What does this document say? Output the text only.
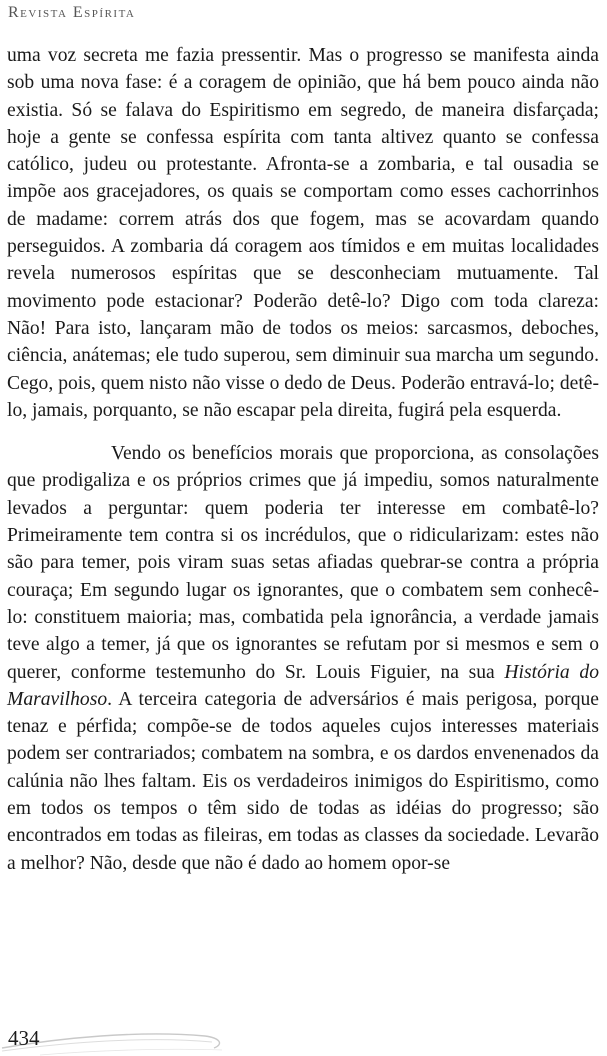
Revista Espírita

uma voz secreta me fazia pressentir. Mas o progresso se manifesta ainda sob uma nova fase: é a coragem de opinião, que há bem pouco ainda não existia. Só se falava do Espiritismo em segredo, de maneira disfarçada; hoje a gente se confessa espírita com tanta altivez quanto se confessa católico, judeu ou protestante. Afronta-se a zombaria, e tal ousadia se impõe aos gracejadores, os quais se comportam como esses cachorrinhos de madame: correm atrás dos que fogem, mas se acovardam quando perseguidos. A zombaria dá coragem aos tímidos e em muitas localidades revela numerosos espíritas que se desconheciam mutuamente. Tal movimento pode estacionar? Poderão detê-lo? Digo com toda clareza: Não! Para isto, lançaram mão de todos os meios: sarcasmos, deboches, ciência, anátemas; ele tudo superou, sem diminuir sua marcha um segundo. Cego, pois, quem nisto não visse o dedo de Deus. Poderão entravá-lo; detê-lo, jamais, porquanto, se não escapar pela direita, fugirá pela esquerda.

Vendo os benefícios morais que proporciona, as consolações que prodigaliza e os próprios crimes que já impediu, somos naturalmente levados a perguntar: quem poderia ter interesse em combatê-lo? Primeiramente tem contra si os incrédulos, que o ridicularizam: estes não são para temer, pois viram suas setas afiadas quebrar-se contra a própria couraça; Em segundo lugar os ignorantes, que o combatem sem conhecê-lo: constituem maioria; mas, combatida pela ignorância, a verdade jamais teve algo a temer, já que os ignorantes se refutam por si mesmos e sem o querer, conforme testemunho do Sr. Louis Figuier, na sua História do Maravilhoso. A terceira categoria de adversários é mais perigosa, porque tenaz e pérfida; compõe-se de todos aqueles cujos interesses materiais podem ser contrariados; combatem na sombra, e os dardos envenenados da calúnia não lhes faltam. Eis os verdadeiros inimigos do Espiritismo, como em todos os tempos o têm sido de todas as idéias do progresso; são encontrados em todas as fileiras, em todas as classes da sociedade. Levarão a melhor? Não, desde que não é dado ao homem opor-se

434
